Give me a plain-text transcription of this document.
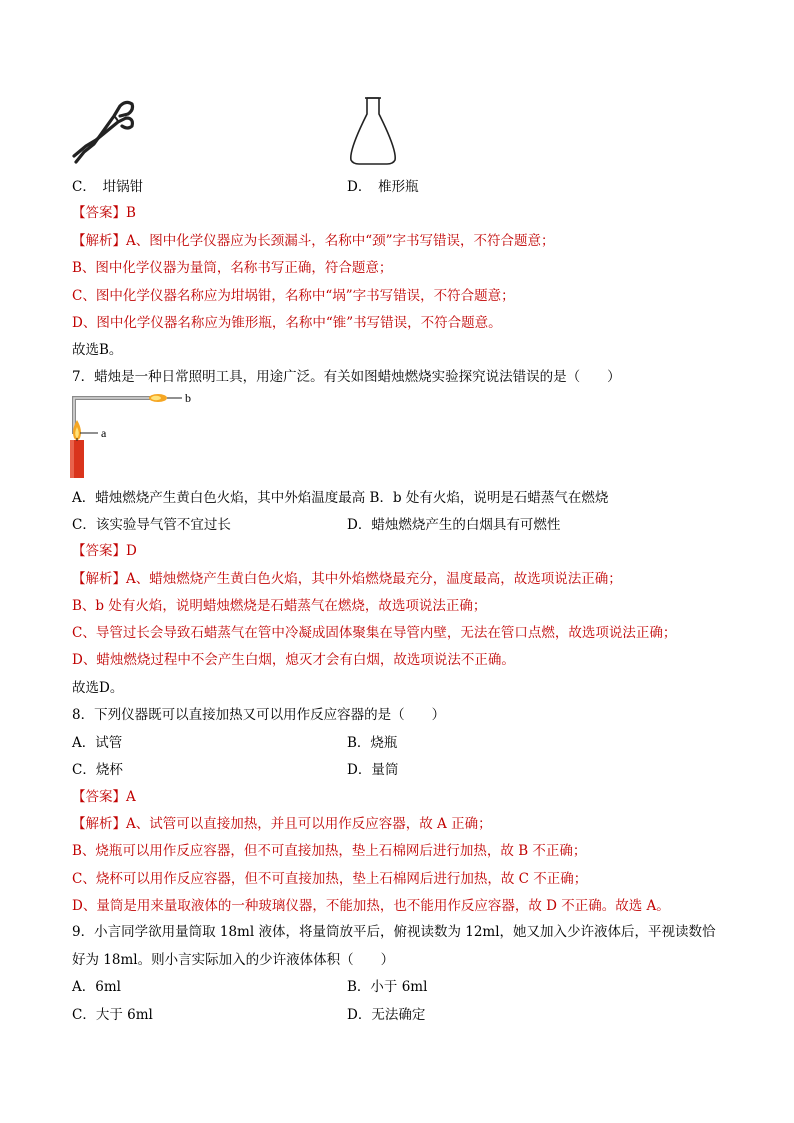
C．　坩锅钳	D．　椎形瓶
【答案】B
【解析】A、图中化学仪器应为长颈漏斗，名称中“颈”字书写错误，不符合题意；
B、图中化学仪器为量筒，名称书写正确，符合题意；
C、图中化学仪器名称应为坩埚钳，名称中“埚”字书写错误，不符合题意；
D、图中化学仪器名称应为锥形瓶，名称中“锥”书写错误，不符合题意。
故选B。
7．蜡烛是一种日常照明工具，用途广泛。有关如图蜡烛燃烧实验探究说法错误的是（　　）
b
a
A．蜡烛燃烧产生黄白色火焰，其中外焰温度最高 B．b 处有火焰，说明是石蜡蒸气在燃烧
C．该实验导气管不宜过长	D．蜡烛燃烧产生的白烟具有可燃性
【答案】D
【解析】A、蜡烛燃烧产生黄白色火焰，其中外焰燃烧最充分，温度最高，故选项说法正确；
B、b 处有火焰，说明蜡烛燃烧是石蜡蒸气在燃烧，故选项说法正确；
C、导管过长会导致石蜡蒸气在管中冷凝成固体聚集在导管内壁，无法在管口点燃，故选项说法正确；
D、蜡烛燃烧过程中不会产生白烟，熄灭才会有白烟，故选项说法不正确。
故选D。
8．下列仪器既可以直接加热又可以用作反应容器的是（　　）
A．试管	B．烧瓶
C．烧杯	D．量筒
【答案】A
【解析】A、试管可以直接加热，并且可以用作反应容器，故 A 正确；
B、烧瓶可以用作反应容器，但不可直接加热，垫上石棉网后进行加热，故 B 不正确；
C、烧杯可以用作反应容器，但不可直接加热，垫上石棉网后进行加热，故 C 不正确；
D、量筒是用来量取液体的一种玻璃仪器，不能加热，也不能用作反应容器，故 D 不正确。故选 A。
9．小言同学欲用量筒取 18ml 液体，将量筒放平后，俯视读数为 12ml，她又加入少许液体后，平视读数恰
好为 18ml。则小言实际加入的少许液体体积（　　）
A．6ml	B．小于 6ml
C．大于 6ml	D．无法确定
